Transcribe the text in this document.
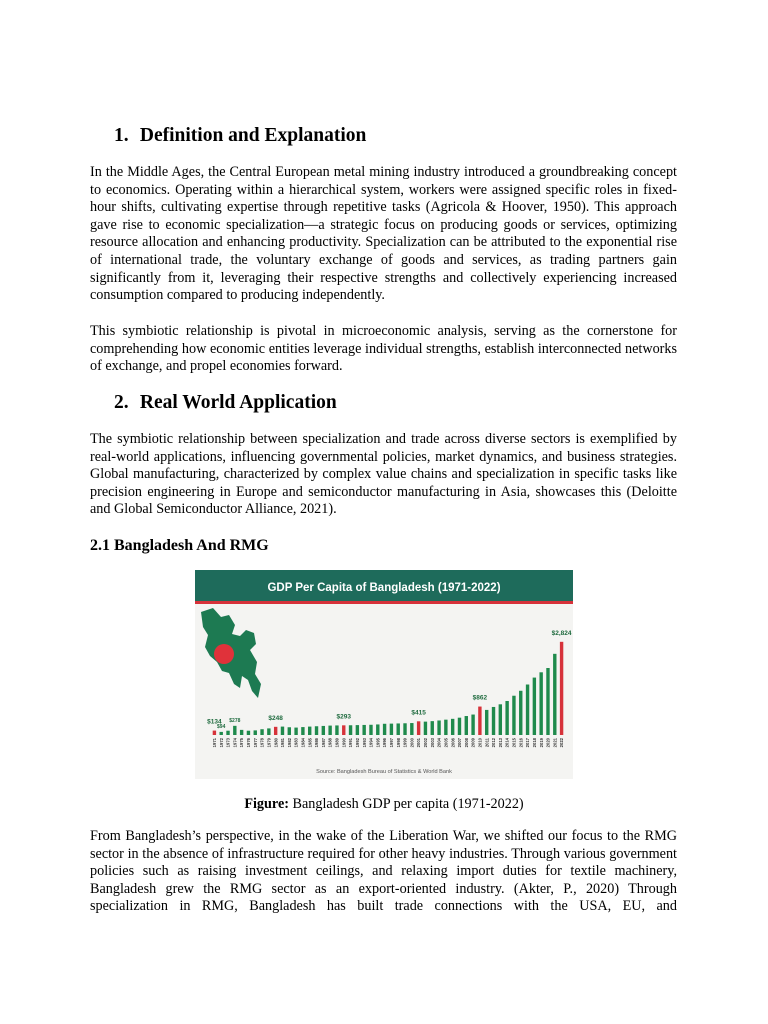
1. Definition and Explanation

In the Middle Ages, the Central European metal mining industry introduced a groundbreaking concept to economics. Operating within a hierarchical system, workers were assigned specific roles in fixed-hour shifts, cultivating expertise through repetitive tasks (Agricola & Hoover, 1950). This approach gave rise to economic specialization—a strategic focus on producing goods or services, optimizing resource allocation and enhancing productivity. Specialization can be attributed to the exponential rise of international trade, the voluntary exchange of goods and services, as trading partners gain significantly from it, leveraging their respective strengths and collectively experiencing increased consumption compared to producing independently.

This symbiotic relationship is pivotal in microeconomic analysis, serving as the cornerstone for comprehending how economic entities leverage individual strengths, establish interconnected networks of exchange, and propel economies forward.

2. Real World Application

The symbiotic relationship between specialization and trade across diverse sectors is exemplified by real-world applications, influencing governmental policies, market dynamics, and business strategies. Global manufacturing, characterized by complex value chains and specialization in specific tasks like precision engineering in Europe and semiconductor manufacturing in Asia, showcases this (Deloitte and Global Semiconductor Alliance, 2021).

2.1 Bangladesh And RMG
GDP Per Capita of Bangladesh (1971-2022)
$134
$94
$278	$248	$293
$415
$862
$2,824
1971 1972 1973 1974 1975 1976 1977 1978 1979 1980 1981 1982 1983 1984 1985 1986 1987 1988 1989 1990 1991 1992 1993 1994 1995 1996 1997 1998 1999 2000 2001 2002 2003 2004 2005 2006 2007 2008 2009 2010 2011 2012 2013 2014 2015 2016 2017 2018 2019 2020 2021 2022
Source: Bangladesh Bureau of Statistics & World Bank

Figure: Bangladesh GDP per capita (1971-2022)

From Bangladesh’s perspective, in the wake of the Liberation War, we shifted our focus to the RMG sector in the absence of infrastructure required for other heavy industries. Through various government policies such as raising investment ceilings, and relaxing import duties for textile machinery, Bangladesh grew the RMG sector as an export-oriented industry. (Akter, P., 2020) Through specialization in RMG, Bangladesh has built trade connections with the USA, EU, and
